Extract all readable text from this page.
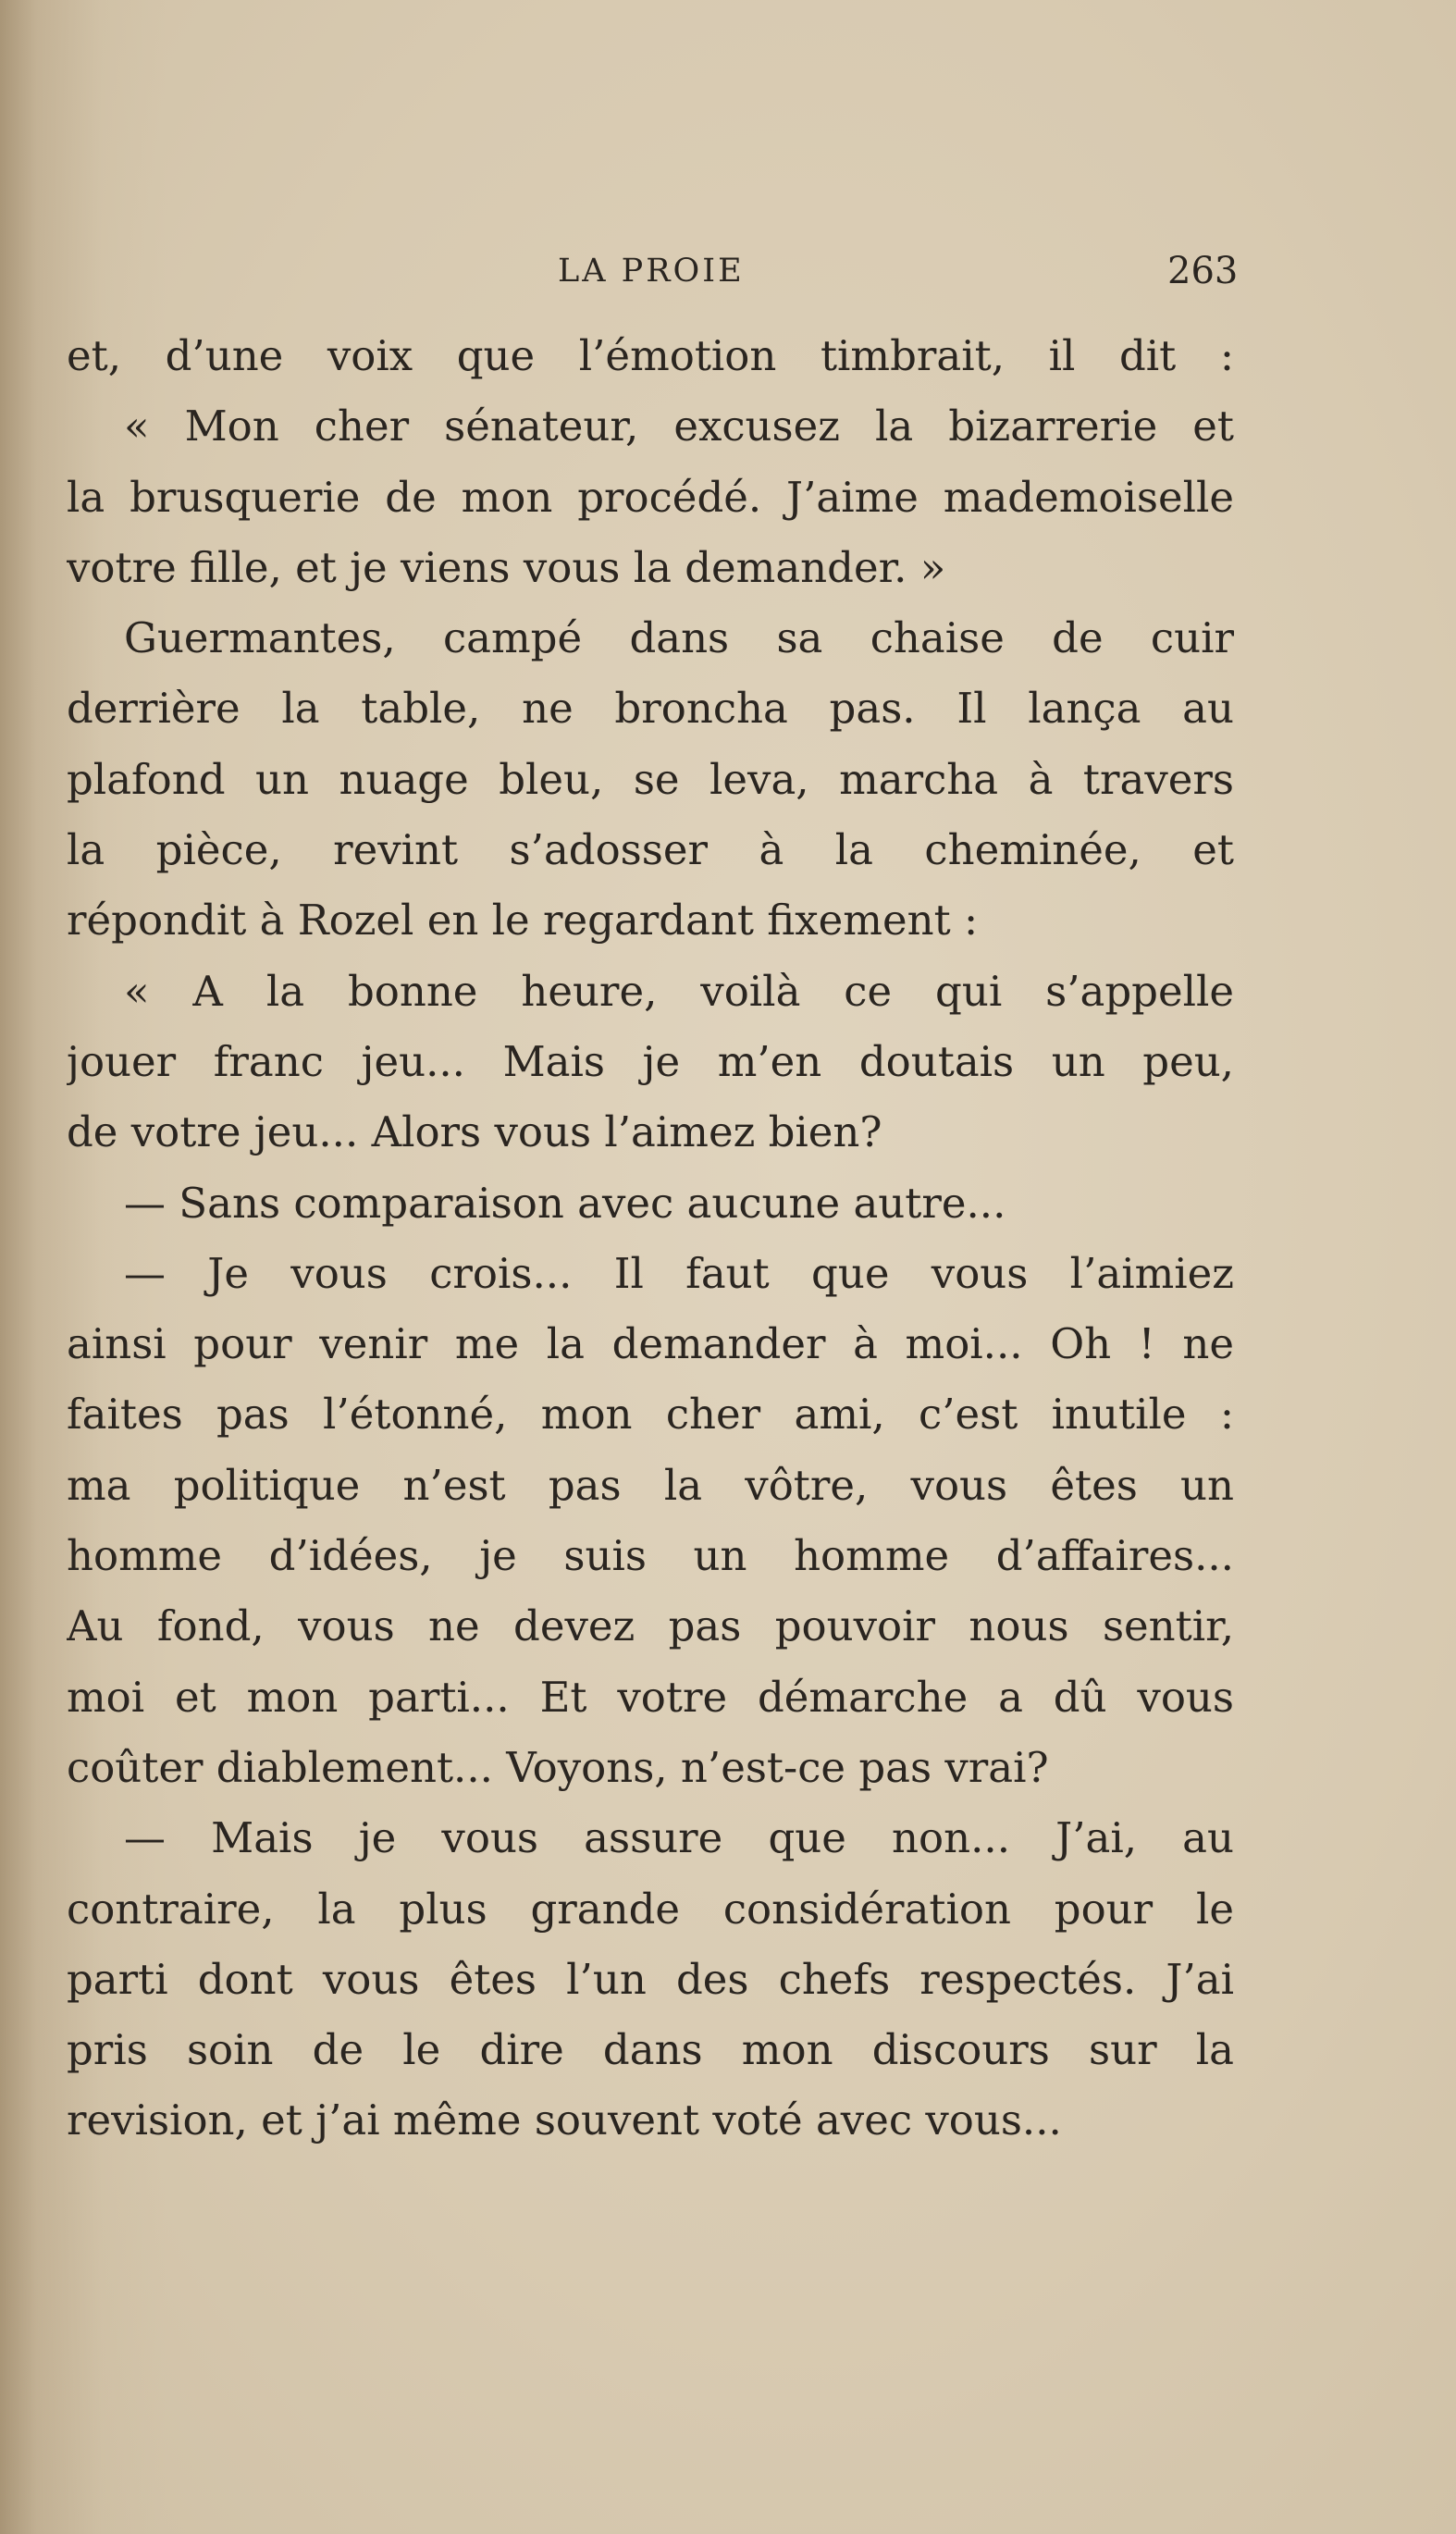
LA PROIE	263
et, d’une voix que l’émotion timbrait, il dit :
« Mon cher sénateur, excusez la bizarrerie et
la brusquerie de mon procédé. J’aime mademoiselle
votre fille, et je viens vous la demander. »
Guermantes, campé dans sa chaise de cuir
derrière la table, ne broncha pas. Il lança au
plafond un nuage bleu, se leva, marcha à travers
la pièce, revint s’adosser à la cheminée, et
répondit à Rozel en le regardant fixement :
« A la bonne heure, voilà ce qui s’appelle
jouer franc jeu... Mais je m’en doutais un peu,
de votre jeu... Alors vous l’aimez bien?
— Sans comparaison avec aucune autre...
— Je vous crois... Il faut que vous l’aimiez
ainsi pour venir me la demander à moi... Oh ! ne
faites pas l’étonné, mon cher ami, c’est inutile :
ma politique n’est pas la vôtre, vous êtes un
homme d’idées, je suis un homme d’affaires...
Au fond, vous ne devez pas pouvoir nous sentir,
moi et mon parti... Et votre démarche a dû vous
coûter diablement... Voyons, n’est-ce pas vrai?
— Mais je vous assure que non... J’ai, au
contraire, la plus grande considération pour le
parti dont vous êtes l’un des chefs respectés. J’ai
pris soin de le dire dans mon discours sur la
revision, et j’ai même souvent voté avec vous...
